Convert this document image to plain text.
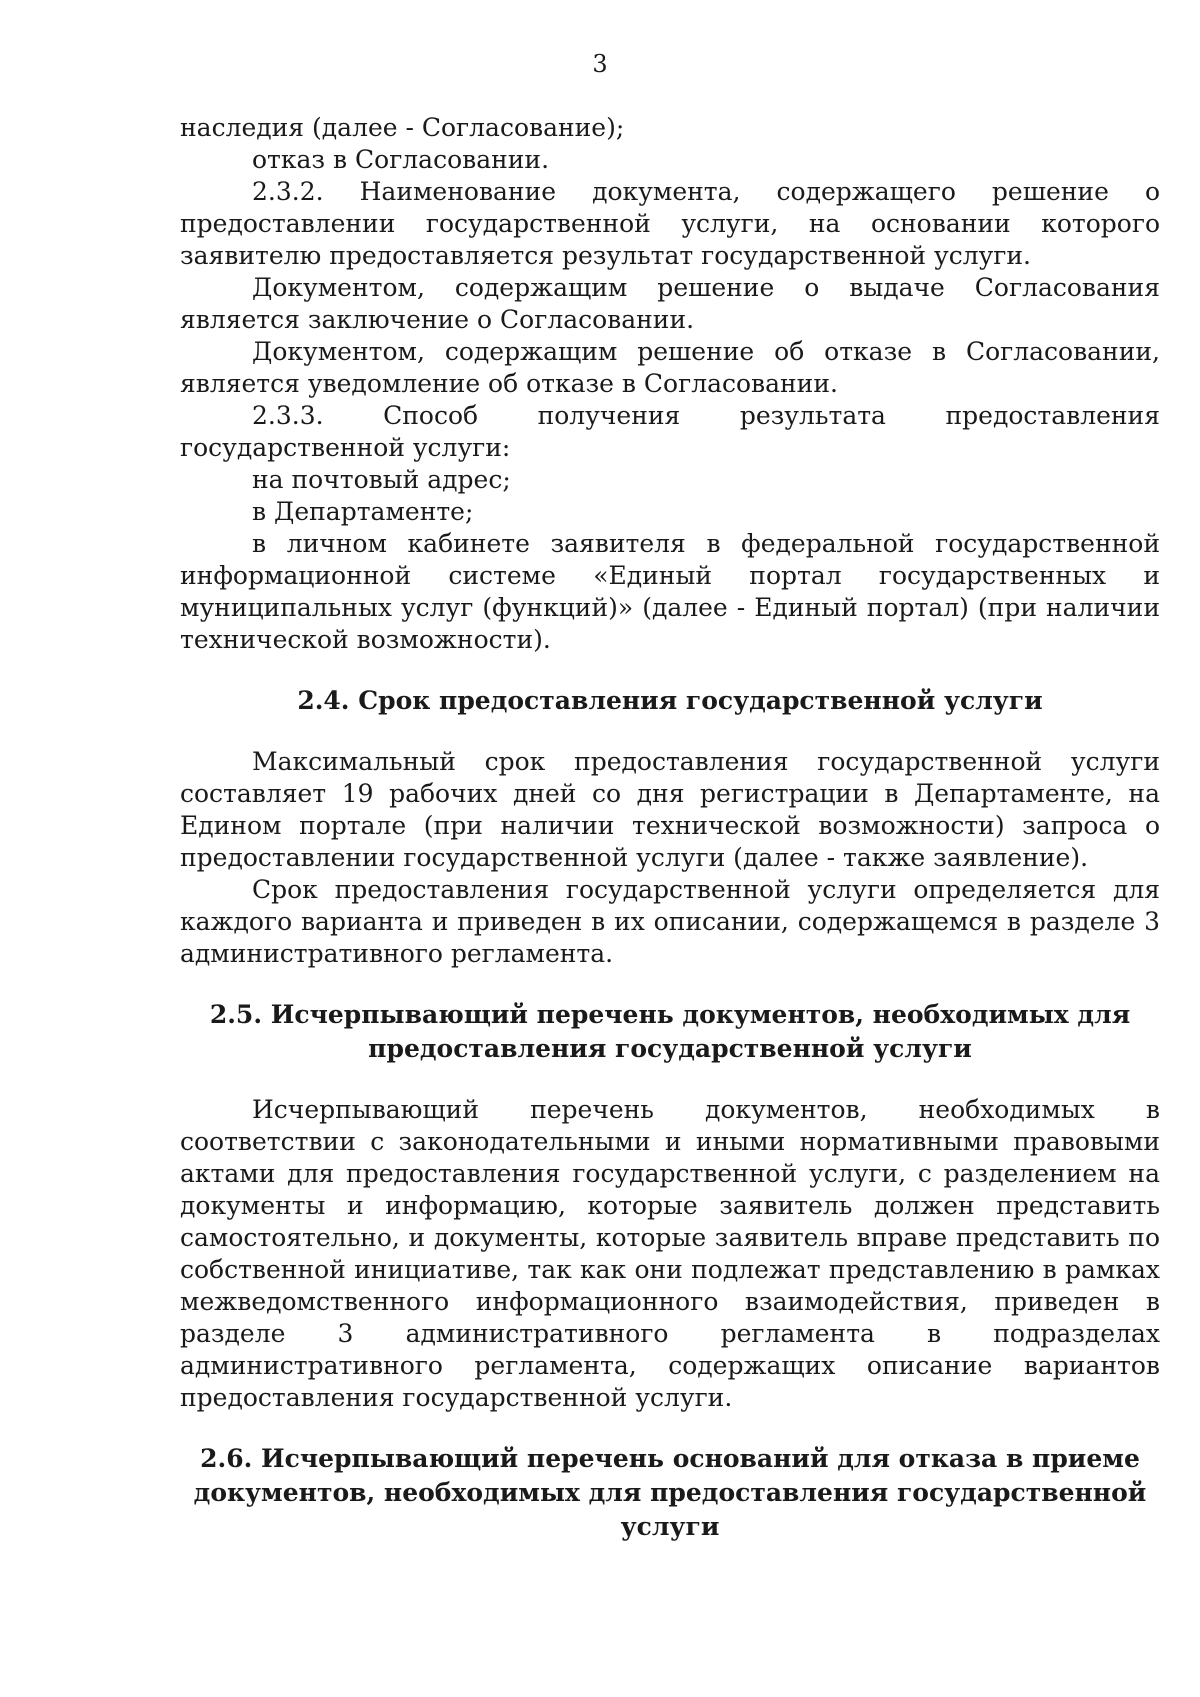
3

наследия (далее - Согласование);

отказ в Согласовании.

2.3.2. Наименование документа, содержащего решение о предоставлении государственной услуги, на основании которого заявителю предоставляется результат государственной услуги.

Документом, содержащим решение о выдаче Согласования является заключение о Согласовании.

Документом, содержащим решение об отказе в Согласовании, является уведомление об отказе в Согласовании.

2.3.3. Способ получения результата предоставления государственной услуги:

на почтовый адрес;

в Департаменте;

в личном кабинете заявителя в федеральной государственной информационной системе «Единый портал государственных и муниципальных услуг (функций)» (далее - Единый портал) (при наличии технической возможности).

2.4. Срок предоставления государственной услуги

Максимальный срок предоставления государственной услуги составляет 19 рабочих дней со дня регистрации в Департаменте, на Едином портале (при наличии технической возможности) запроса о предоставлении государственной услуги (далее - также заявление).

Срок предоставления государственной услуги определяется для каждого варианта и приведен в их описании, содержащемся в разделе 3 административного регламента.

2.5. Исчерпывающий перечень документов, необходимых для
предоставления государственной услуги

Исчерпывающий перечень документов, необходимых в соответствии с законодательными и иными нормативными правовыми актами для предоставления государственной услуги, с разделением на документы и информацию, которые заявитель должен представить самостоятельно, и документы, которые заявитель вправе представить по собственной инициативе, так как они подлежат представлению в рамках межведомственного информационного взаимодействия, приведен в разделе 3 административного регламента в подразделах административного регламента, содержащих описание вариантов предоставления государственной услуги.

2.6. Исчерпывающий перечень оснований для отказа в приеме
документов, необходимых для предоставления государственной услуги
